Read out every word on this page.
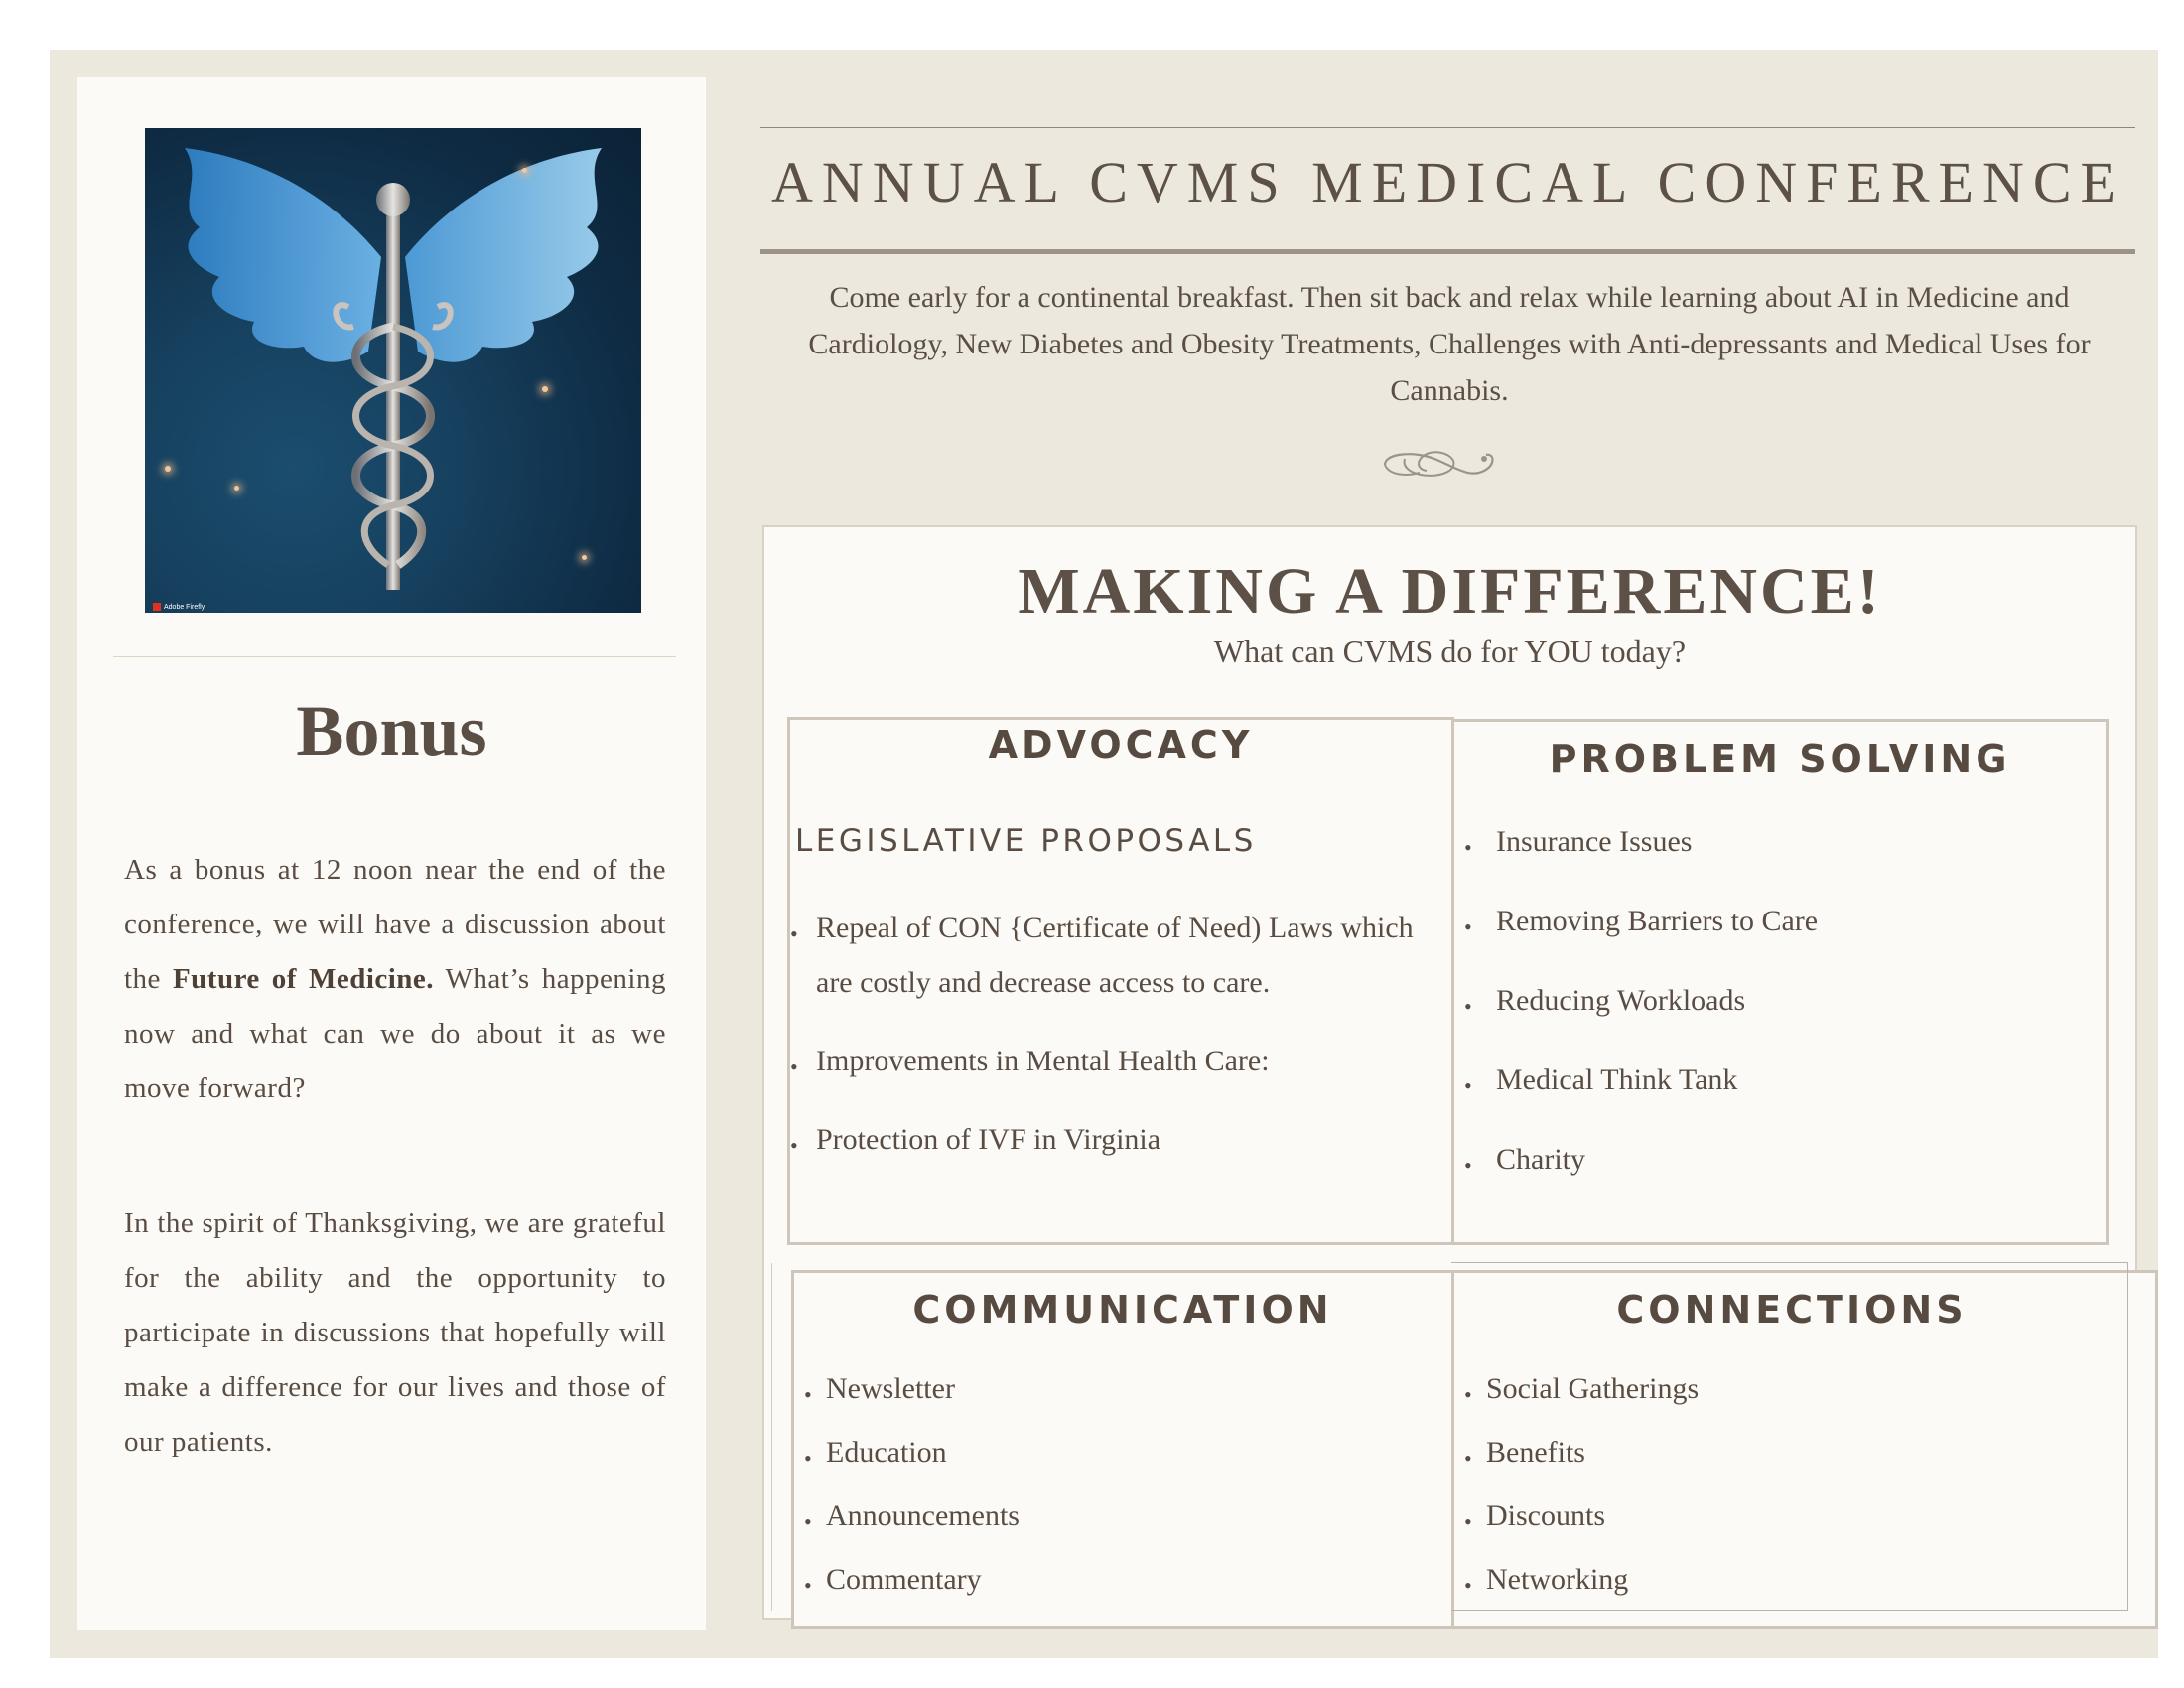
Adobe Firefly
Bonus

As a bonus at 12 noon near the end of the conference, we will have a discussion about the Future of Medicine. What’s happening now and what can we do about it as we move forward?

In the spirit of Thanksgiving, we are grateful for the ability and the opportunity to participate in discussions that hopefully will make a difference for our lives and those of our patients.

ANNUAL CVMS MEDICAL CONFERENCE

Come early for a continental breakfast. Then sit back and relax while learning about AI in Medicine and Cardiology, New Diabetes and Obesity Treatments, Challenges with Anti-depressants and Medical Uses for Cannabis.

MAKING A DIFFERENCE!

What can CVMS do for YOU today?

ADVOCACY
LEGISLATIVE PROPOSALS
• Repeal of CON {Certificate of Need) Laws which are costly and decrease access to care.
• Improvements in Mental Health Care:
• Protection of IVF in Virginia
PROBLEM SOLVING
• Insurance Issues
• Removing Barriers to Care
• Reducing Workloads
• Medical Think Tank
• Charity
COMMUNICATION
• Newsletter
• Education
• Announcements
• Commentary
CONNECTIONS
• Social Gatherings
• Benefits
• Discounts
• Networking
